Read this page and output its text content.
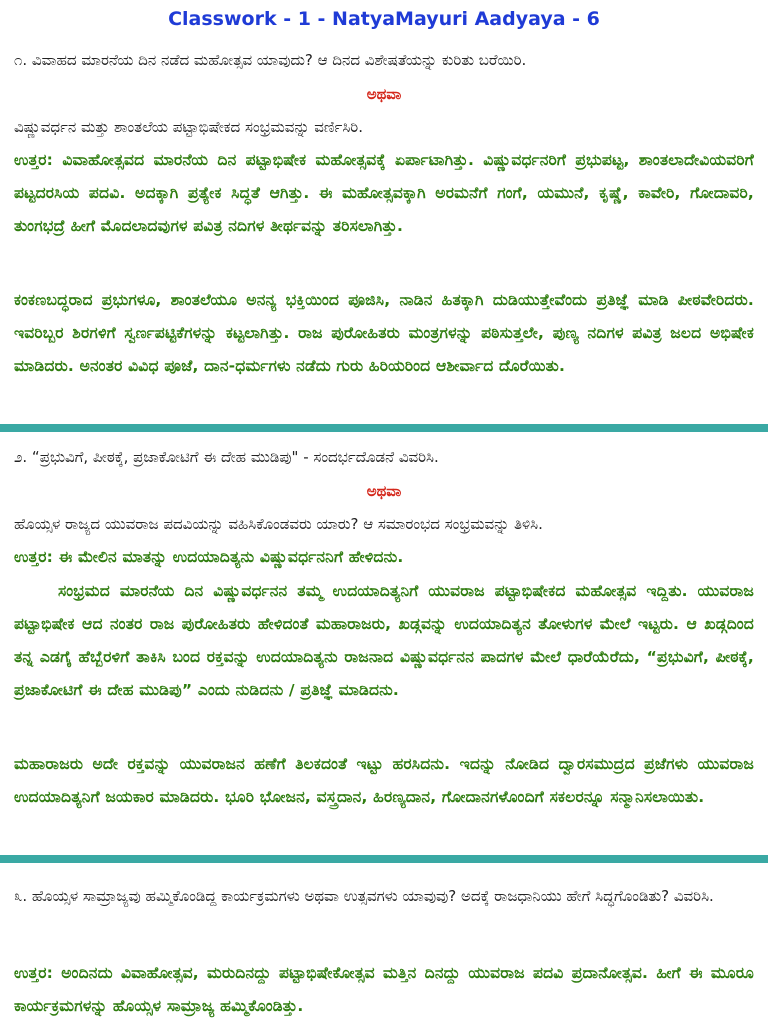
Classwork - 1 - NatyaMayuri Aadyaya - 6
೧. ವಿವಾಹದ ಮಾರನೆಯ ದಿನ ನಡೆದ ಮಹೋತ್ಸವ ಯಾವುದು? ಆ ದಿನದ ವಿಶೇಷತೆಯನ್ನು ಕುರಿತು ಬರೆಯಿರಿ.
ಅಥವಾ
ವಿಷ್ಣುವರ್ಧನ ಮತ್ತು ಶಾಂತಲೆಯ ಪಟ್ಟಾಭಿಷೇಕದ ಸಂಭ್ರಮವನ್ನು ವರ್ಣಿಸಿರಿ.
ಉತ್ತರ: ವಿವಾಹೋತ್ಸವದ ಮಾರನೆಯ ದಿನ ಪಟ್ಟಾಭಿಷೇಕ ಮಹೋತ್ಸವಕ್ಕೆ ಏರ್ಪಾಟಾಗಿತ್ತು. ವಿಷ್ಣುವರ್ಧನರಿಗೆ ಪ್ರಭುಪಟ್ಟ, ಶಾಂತಲಾದೇವಿಯವರಿಗೆ ಪಟ್ಟದರಸಿಯ ಪದವಿ. ಅದಕ್ಕಾಗಿ ಪ್ರತ್ಯೇಕ ಸಿದ್ಧತೆ ಆಗಿತ್ತು. ಈ ಮಹೋತ್ಸವಕ್ಕಾಗಿ ಅರಮನೆಗೆ ಗಂಗೆ, ಯಮುನೆ, ಕೃಷ್ಣೆ, ಕಾವೇರಿ, ಗೋದಾವರಿ, ತುಂಗಭದ್ರೆ ಹೀಗೆ ಮೊದಲಾದವುಗಳ ಪವಿತ್ರ ನದಿಗಳ ತೀರ್ಥವನ್ನು ತರಿಸಲಾಗಿತ್ತು.
ಕಂಕಣಬದ್ಧರಾದ ಪ್ರಭುಗಳೂ, ಶಾಂತಲೆಯೂ ಅನನ್ಯ ಭಕ್ತಿಯಿಂದ ಪೂಜಿಸಿ, ನಾಡಿನ ಹಿತಕ್ಕಾಗಿ ದುಡಿಯುತ್ತೇವೆಂದು ಪ್ರತಿಜ್ಞೆ ಮಾಡಿ ಪೀಠವೇರಿದರು. ಇವರಿಬ್ಬರ ಶಿರಗಳಿಗೆ ಸ್ವರ್ಣಪಟ್ಟಿಕೆಗಳನ್ನು ಕಟ್ಟಲಾಗಿತ್ತು. ರಾಜ ಪುರೋಹಿತರು ಮಂತ್ರಗಳನ್ನು ಪಠಿಸುತ್ತಲೇ, ಪುಣ್ಯ ನದಿಗಳ ಪವಿತ್ರ ಜಲದ ಅಭಿಷೇಕ ಮಾಡಿದರು. ಅನಂತರ ವಿವಿಧ ಪೂಜೆ, ದಾನ-ಧರ್ಮಗಳು ನಡೆದು ಗುರು ಹಿರಿಯರಿಂದ ಆಶೀರ್ವಾದ ದೊರೆಯಿತು.
೨. “ಪ್ರಭುವಿಗೆ, ಪೀಠಕ್ಕೆ, ಪ್ರಜಾಕೋಟಿಗೆ ಈ ದೇಹ ಮುಡಿಪು" - ಸಂದರ್ಭದೊಡನೆ ವಿವರಿಸಿ.
ಅಥವಾ
ಹೊಯ್ಸಳ ರಾಜ್ಯದ ಯುವರಾಜ ಪದವಿಯನ್ನು ವಹಿಸಿಕೊಂಡವರು ಯಾರು? ಆ ಸಮಾರಂಭದ ಸಂಭ್ರಮವನ್ನು ತಿಳಿಸಿ.
ಉತ್ತರ: ಈ ಮೇಲಿನ ಮಾತನ್ನು ಉದಯಾದಿತ್ಯನು ವಿಷ್ಣುವರ್ಧನನಿಗೆ ಹೇಳಿದನು.
ಸಂಭ್ರಮದ ಮಾರನೆಯ ದಿನ ವಿಷ್ಣುವರ್ಧನನ ತಮ್ಮ ಉದಯಾದಿತ್ಯನಿಗೆ ಯುವರಾಜ ಪಟ್ಟಾಭಿಷೇಕದ ಮಹೋತ್ಸವ ಇದ್ದಿತು. ಯುವರಾಜ ಪಟ್ಟಾಭಿಷೇಕ ಆದ ನಂತರ ರಾಜ ಪುರೋಹಿತರು ಹೇಳಿದಂತೆ ಮಹಾರಾಜರು, ಖಡ್ಗವನ್ನು ಉದಯಾದಿತ್ಯನ ತೋಳುಗಳ ಮೇಲೆ ಇಟ್ಟರು. ಆ ಖಡ್ಗದಿಂದ ತನ್ನ ಎಡಗೈ ಹೆಬ್ಬೆರಳಿಗೆ ತಾಕಿಸಿ ಬಂದ ರಕ್ತವನ್ನು ಉದಯಾದಿತ್ಯನು ರಾಜನಾದ ವಿಷ್ಣುವರ್ಧನನ ಪಾದಗಳ ಮೇಲೆ ಧಾರೆಯೆರೆದು, “ಪ್ರಭುವಿಗೆ, ಪೀಠಕ್ಕೆ, ಪ್ರಜಾಕೋಟಿಗೆ ಈ ದೇಹ ಮುಡಿಪು” ಎಂದು ನುಡಿದನು / ಪ್ರತಿಜ್ಞೆ ಮಾಡಿದನು.
ಮಹಾರಾಜರು ಅದೇ ರಕ್ತವನ್ನು ಯುವರಾಜನ ಹಣೆಗೆ ತಿಲಕದಂತೆ ಇಟ್ಟು ಹರಸಿದನು. ಇದನ್ನು ನೋಡಿದ ದ್ವಾರಸಮುದ್ರದ ಪ್ರಜೆಗಳು ಯುವರಾಜ ಉದಯಾದಿತ್ಯನಿಗೆ ಜಯಕಾರ ಮಾಡಿದರು. ಭೂರಿ ಭೋಜನ, ವಸ್ತ್ರದಾನ, ಹಿರಣ್ಯದಾನ, ಗೋದಾನಗಳೊಂದಿಗೆ ಸಕಲರನ್ನೂ ಸನ್ಮಾನಿಸಲಾಯಿತು.
೩. ಹೊಯ್ಸಳ ಸಾಮ್ರಾಜ್ಯವು ಹಮ್ಮಿಕೊಂಡಿದ್ದ ಕಾರ್ಯಕ್ರಮಗಳು ಅಥವಾ ಉತ್ಸವಗಳು ಯಾವುವು? ಅದಕ್ಕೆ ರಾಜಧಾನಿಯು ಹೇಗೆ ಸಿದ್ಧಗೊಂಡಿತು? ವಿವರಿಸಿ.
ಉತ್ತರ: ಅಂದಿನದು ವಿವಾಹೋತ್ಸವ, ಮರುದಿನದ್ದು ಪಟ್ಟಾಭಿಷೇಕೋತ್ಸವ ಮತ್ತಿನ ದಿನದ್ದು ಯುವರಾಜ ಪದವಿ ಪ್ರದಾನೋತ್ಸವ. ಹೀಗೆ ಈ ಮೂರೂ ಕಾರ್ಯಕ್ರಮಗಳನ್ನು ಹೊಯ್ಸಳ ಸಾಮ್ರಾಜ್ಯ ಹಮ್ಮಿಕೊಂಡಿತ್ತು.
